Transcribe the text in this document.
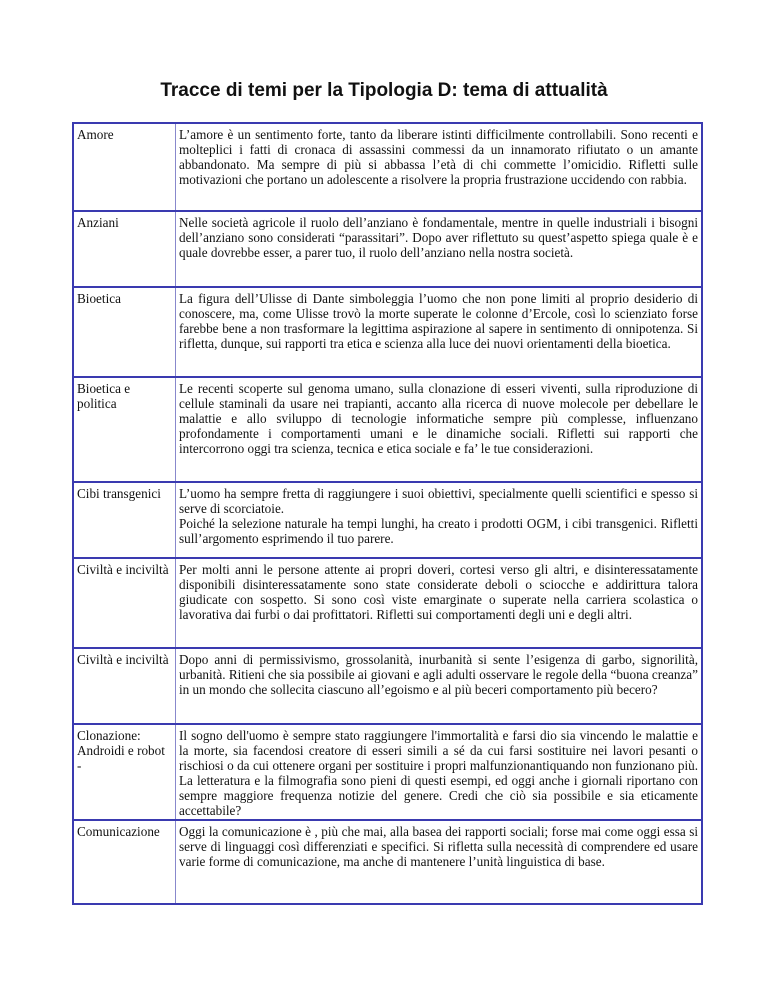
Tracce di temi per la Tipologia D: tema di attualità
Amore	L’amore è un sentimento forte, tanto da liberare istinti difficilmente controllabili. Sono recenti e molteplici i fatti di cronaca di assassini commessi da un innamorato rifiutato o un amante abbandonato. Ma sempre di più si abbassa l’età di chi commette l’omicidio. Rifletti sulle motivazioni che portano un adolescente a risolvere la propria frustrazione uccidendo con rabbia.
Anziani	Nelle società agricole il ruolo dell’anziano è fondamentale, mentre in quelle industriali i bisogni dell’anziano sono considerati “parassitari”. Dopo aver riflettuto su quest’aspetto spiega quale è e quale dovrebbe esser, a parer tuo, il ruolo dell’anziano nella nostra società.
Bioetica	La figura dell’Ulisse di Dante simboleggia l’uomo che non pone limiti al proprio desiderio di conoscere, ma, come Ulisse trovò la morte superate le colonne d’Ercole, così lo scienziato forse farebbe bene a non trasformare la legittima aspirazione al sapere in sentimento di onnipotenza. Si rifletta, dunque, sui rapporti tra etica e scienza alla luce dei nuovi orientamenti della bioetica.
Bioetica e politica	Le recenti scoperte sul genoma umano, sulla clonazione di esseri viventi, sulla riproduzione di cellule staminali da usare nei trapianti, accanto alla ricerca di nuove molecole per debellare le malattie e allo sviluppo di tecnologie informatiche sempre più complesse, influenzano profondamente i comportamenti umani e le dinamiche sociali. Rifletti sui rapporti che intercorrono oggi tra scienza, tecnica e etica sociale e fa’ le tue considerazioni.
Cibi transgenici	L’uomo ha sempre fretta di raggiungere i suoi obiettivi, specialmente quelli scientifici e spesso si serve di scorciatoie.
Poiché la selezione naturale ha tempi lunghi, ha creato i prodotti OGM, i cibi transgenici. Rifletti sull’argomento esprimendo il tuo parere.

Civiltà e inciviltà	Per molti anni le persone attente ai propri doveri, cortesi verso gli altri, e disinteressatamente disponibili disinteressatamente sono state considerate deboli o sciocche e addirittura talora giudicate con sospetto. Si sono così viste emarginate o superate nella carriera scolastica o lavorativa dai furbi o dai profittatori. Rifletti sui comportamenti degli uni e degli altri.
Civiltà e inciviltà	Dopo anni di permissivismo, grossolanità, inurbanità si sente l’esigenza di garbo, signorilità, urbanità. Ritieni che sia possibile ai giovani e agli adulti osservare le regole della “buona creanza” in un mondo che sollecita ciascuno all’egoismo e al più beceri comportamento più becero?
Clonazione: Androidi e robot -	Il sogno dell'uomo è sempre stato raggiungere l'immortalità e farsi dio sia vincendo le malattie e la morte, sia facendosi creatore di esseri simili a sé da cui farsi sostituire nei lavori pesanti o rischiosi o da cui ottenere organi per sostituire i propri malfunzionantiquando non funzionano più. La letteratura e la filmografia sono pieni di questi esempi, ed oggi anche i giornali riportano con sempre maggiore frequenza notizie del genere. Credi che ciò sia possibile e sia eticamente accettabile?
Comunicazione	Oggi la comunicazione è , più che mai, alla basea dei rapporti sociali; forse mai come oggi essa si serve di linguaggi così differenziati e specifici. Si rifletta sulla necessità di comprendere ed usare varie forme di comunicazione, ma anche di mantenere l’unità linguistica di base.
